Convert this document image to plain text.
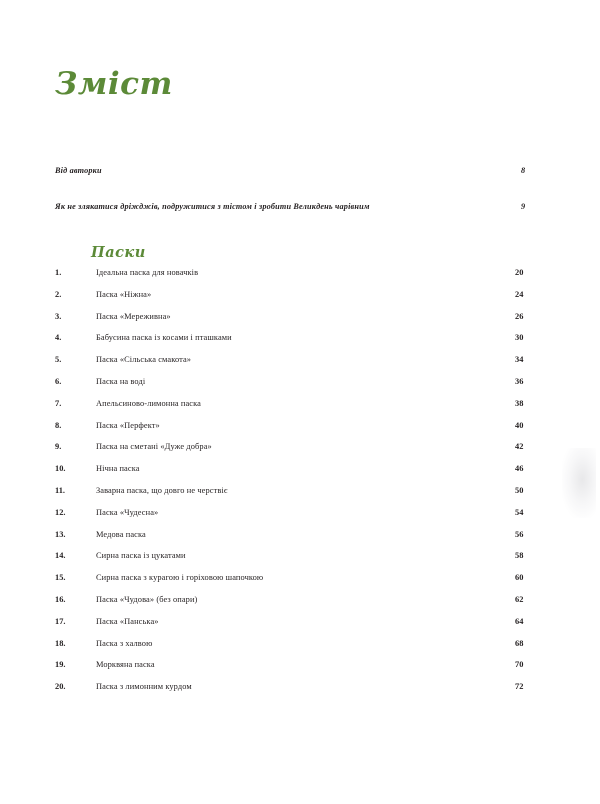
Зміст
Від авторки	8
Як не злякатися дріжджів, подружитися з тістом і зробити Великдень чарівним	9
Паски
1.	Ідеальна паска для новачків	20
2.	Паска «Ніжна»	24
3.	Паска «Мереживна»	26
4.	Бабусина паска із косами і пташками	30
5.	Паска «Сільська смакота»	34
6.	Паска на воді	36
7.	Апельсиново-лимонна паска	38
8.	Паска «Перфект»	40
9.	Паска на сметані «Дуже добра»	42
10.	Нічна паска	46
11.	Заварна паска, що довго не черствіє	50
12.	Паска «Чудесна»	54
13.	Медова паска	56
14.	Сирна паска із цукатами	58
15.	Сирна паска з курагою і горіховою шапочкою	60
16.	Паска «Чудова» (без опари)	62
17.	Паска «Панська»	64
18.	Паска з халвою	68
19.	Морквяна паска	70
20.	Паска з лимонним курдом	72
